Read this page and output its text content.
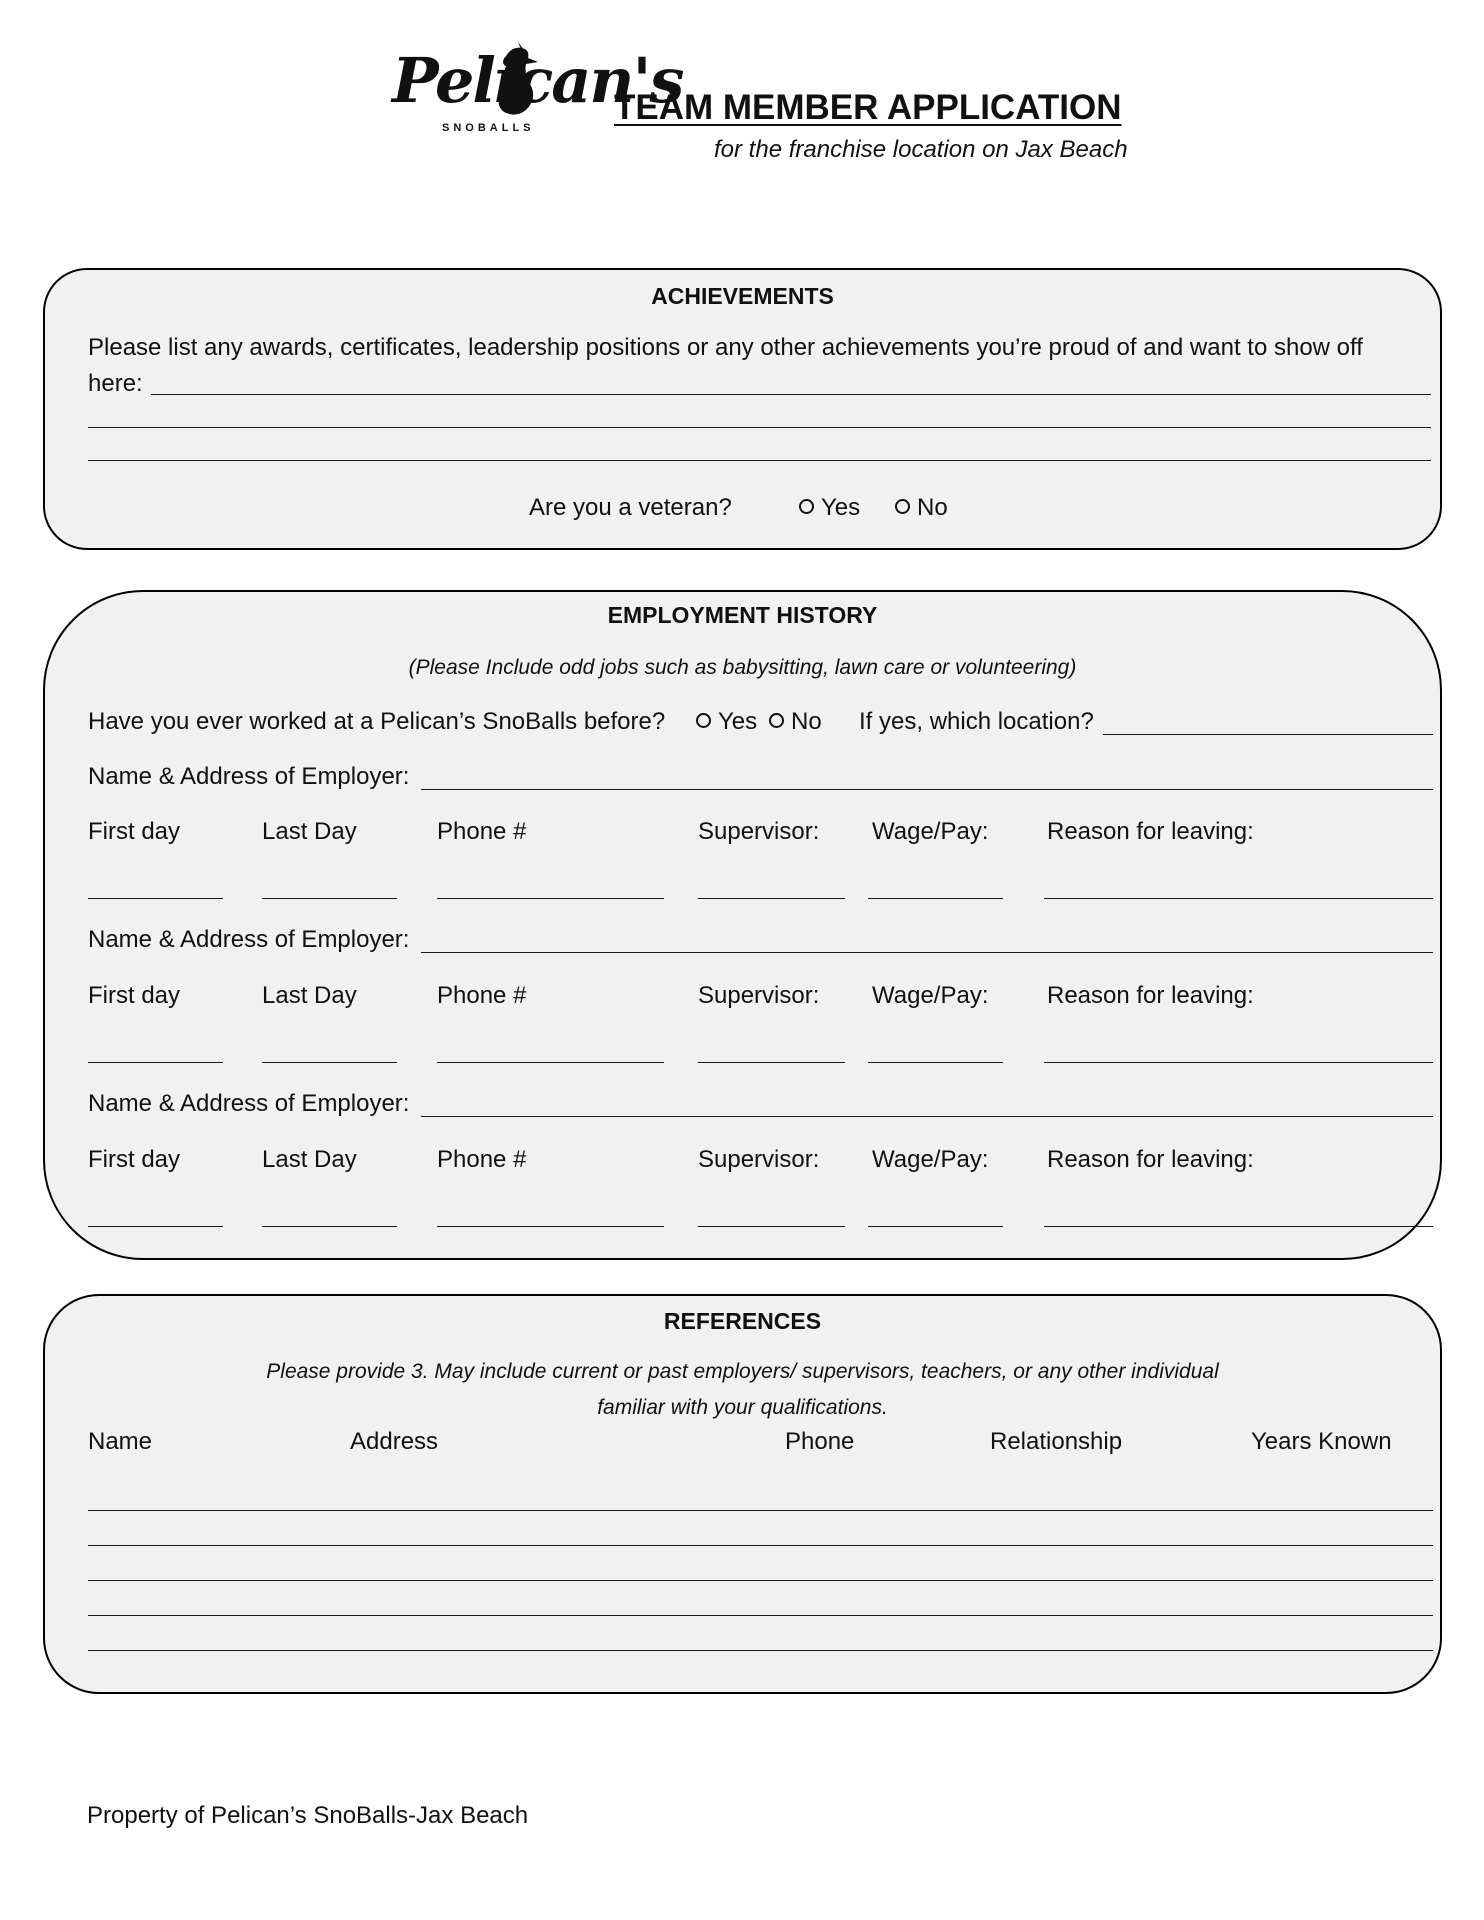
Pelican's
SNOBALLS
TEAM MEMBER APPLICATION
for the franchise location on Jax Beach
ACHIEVEMENTS
Please list any awards, certificates, leadership positions or any other achievements you’re proud of and want to show off
here:
Are you a veteran?	Yes	No
EMPLOYMENT HISTORY
(Please Include odd jobs such as babysitting, lawn care or volunteering)
Have you ever worked at a Pelican’s SnoBalls before?	Yes	No If yes, which location?
Name & Address of Employer:
First day	Last Day	Phone #	Supervisor: Wage/Pay: Reason for leaving:
Name & Address of Employer:
First day	Last Day	Phone #	Supervisor: Wage/Pay: Reason for leaving:
Name & Address of Employer:
First day	Last Day	Phone #	Supervisor: Wage/Pay: Reason for leaving:
REFERENCES
Please provide 3. May include current or past employers/ supervisors, teachers, or any other individual
familiar with your qualifications.
Name	Address	Phone	Relationship	Years Known
Property of Pelican’s SnoBalls-Jax Beach
